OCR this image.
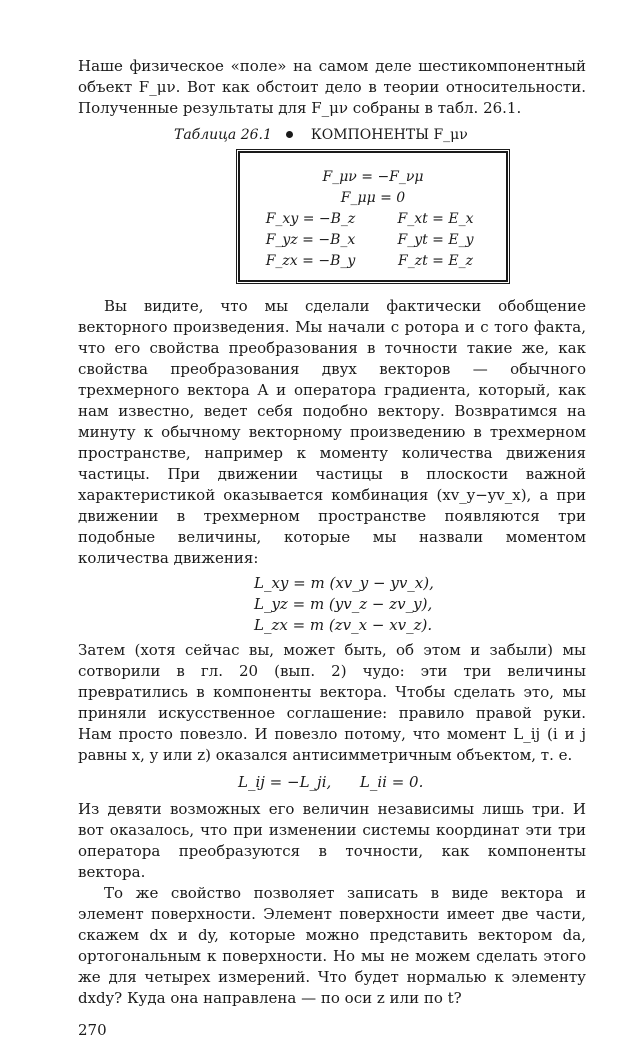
Наше физическое «поле» на самом деле шестикомпонентный объект F_μν. Вот как обстоит дело в теории относительности. Полученные результаты для F_μν собраны в табл. 26.1.

Таблица 26.1	КОМПОНЕНТЫ F_μν
F_μν = −F_νμ
F_μμ = 0
F_xy = −B_z	F_xt = E_x
F_yz = −B_x	F_yt = E_y
F_zx = −B_y	F_zt = E_z

Вы видите, что мы сделали фактически обобщение векторного произведения. Мы начали с ротора и с того факта, что его свойства преобразования в точности такие же, как свойства преобразования двух векторов — обычного трехмерного вектора A и оператора градиента, который, как нам известно, ведет себя подобно вектору. Возвратимся на минуту к обычному векторному произведению в трехмерном пространстве, например к моменту количества движения частицы. При движении частицы в плоскости важной характеристикой оказывается комбинация (xv_y−yv_x), а при движении в трехмерном пространстве появляются три подобные величины, которые мы назвали моментом количества движения:

L_xy = m (xv_y − yv_x),
L_yz = m (yv_z − zv_y),
L_zx = m (zv_x − xv_z).

Затем (хотя сейчас вы, может быть, об этом и забыли) мы сотворили в гл. 20 (вып. 2) чудо: эти три величины превратились в компоненты вектора. Чтобы сделать это, мы приняли искусственное соглашение: правило правой руки. Нам просто повезло. И повезло потому, что момент L_ij (i и j равны x, y или z) оказался антисимметричным объектом, т. е.

L_ij = −L_ji,      L_ii = 0.

Из девяти возможных его величин независимы лишь три. И вот оказалось, что при изменении системы координат эти три оператора преобразуются в точности, как компоненты вектора.

То же свойство позволяет записать в виде вектора и элемент поверхности. Элемент поверхности имеет две части, скажем dx и dy, которые можно представить вектором da, ортогональным к поверхности. Но мы не можем сделать этого же для четырех измерений. Что будет нормалью к элементу dxdy? Куда она направлена — по оси z или по t?

270
